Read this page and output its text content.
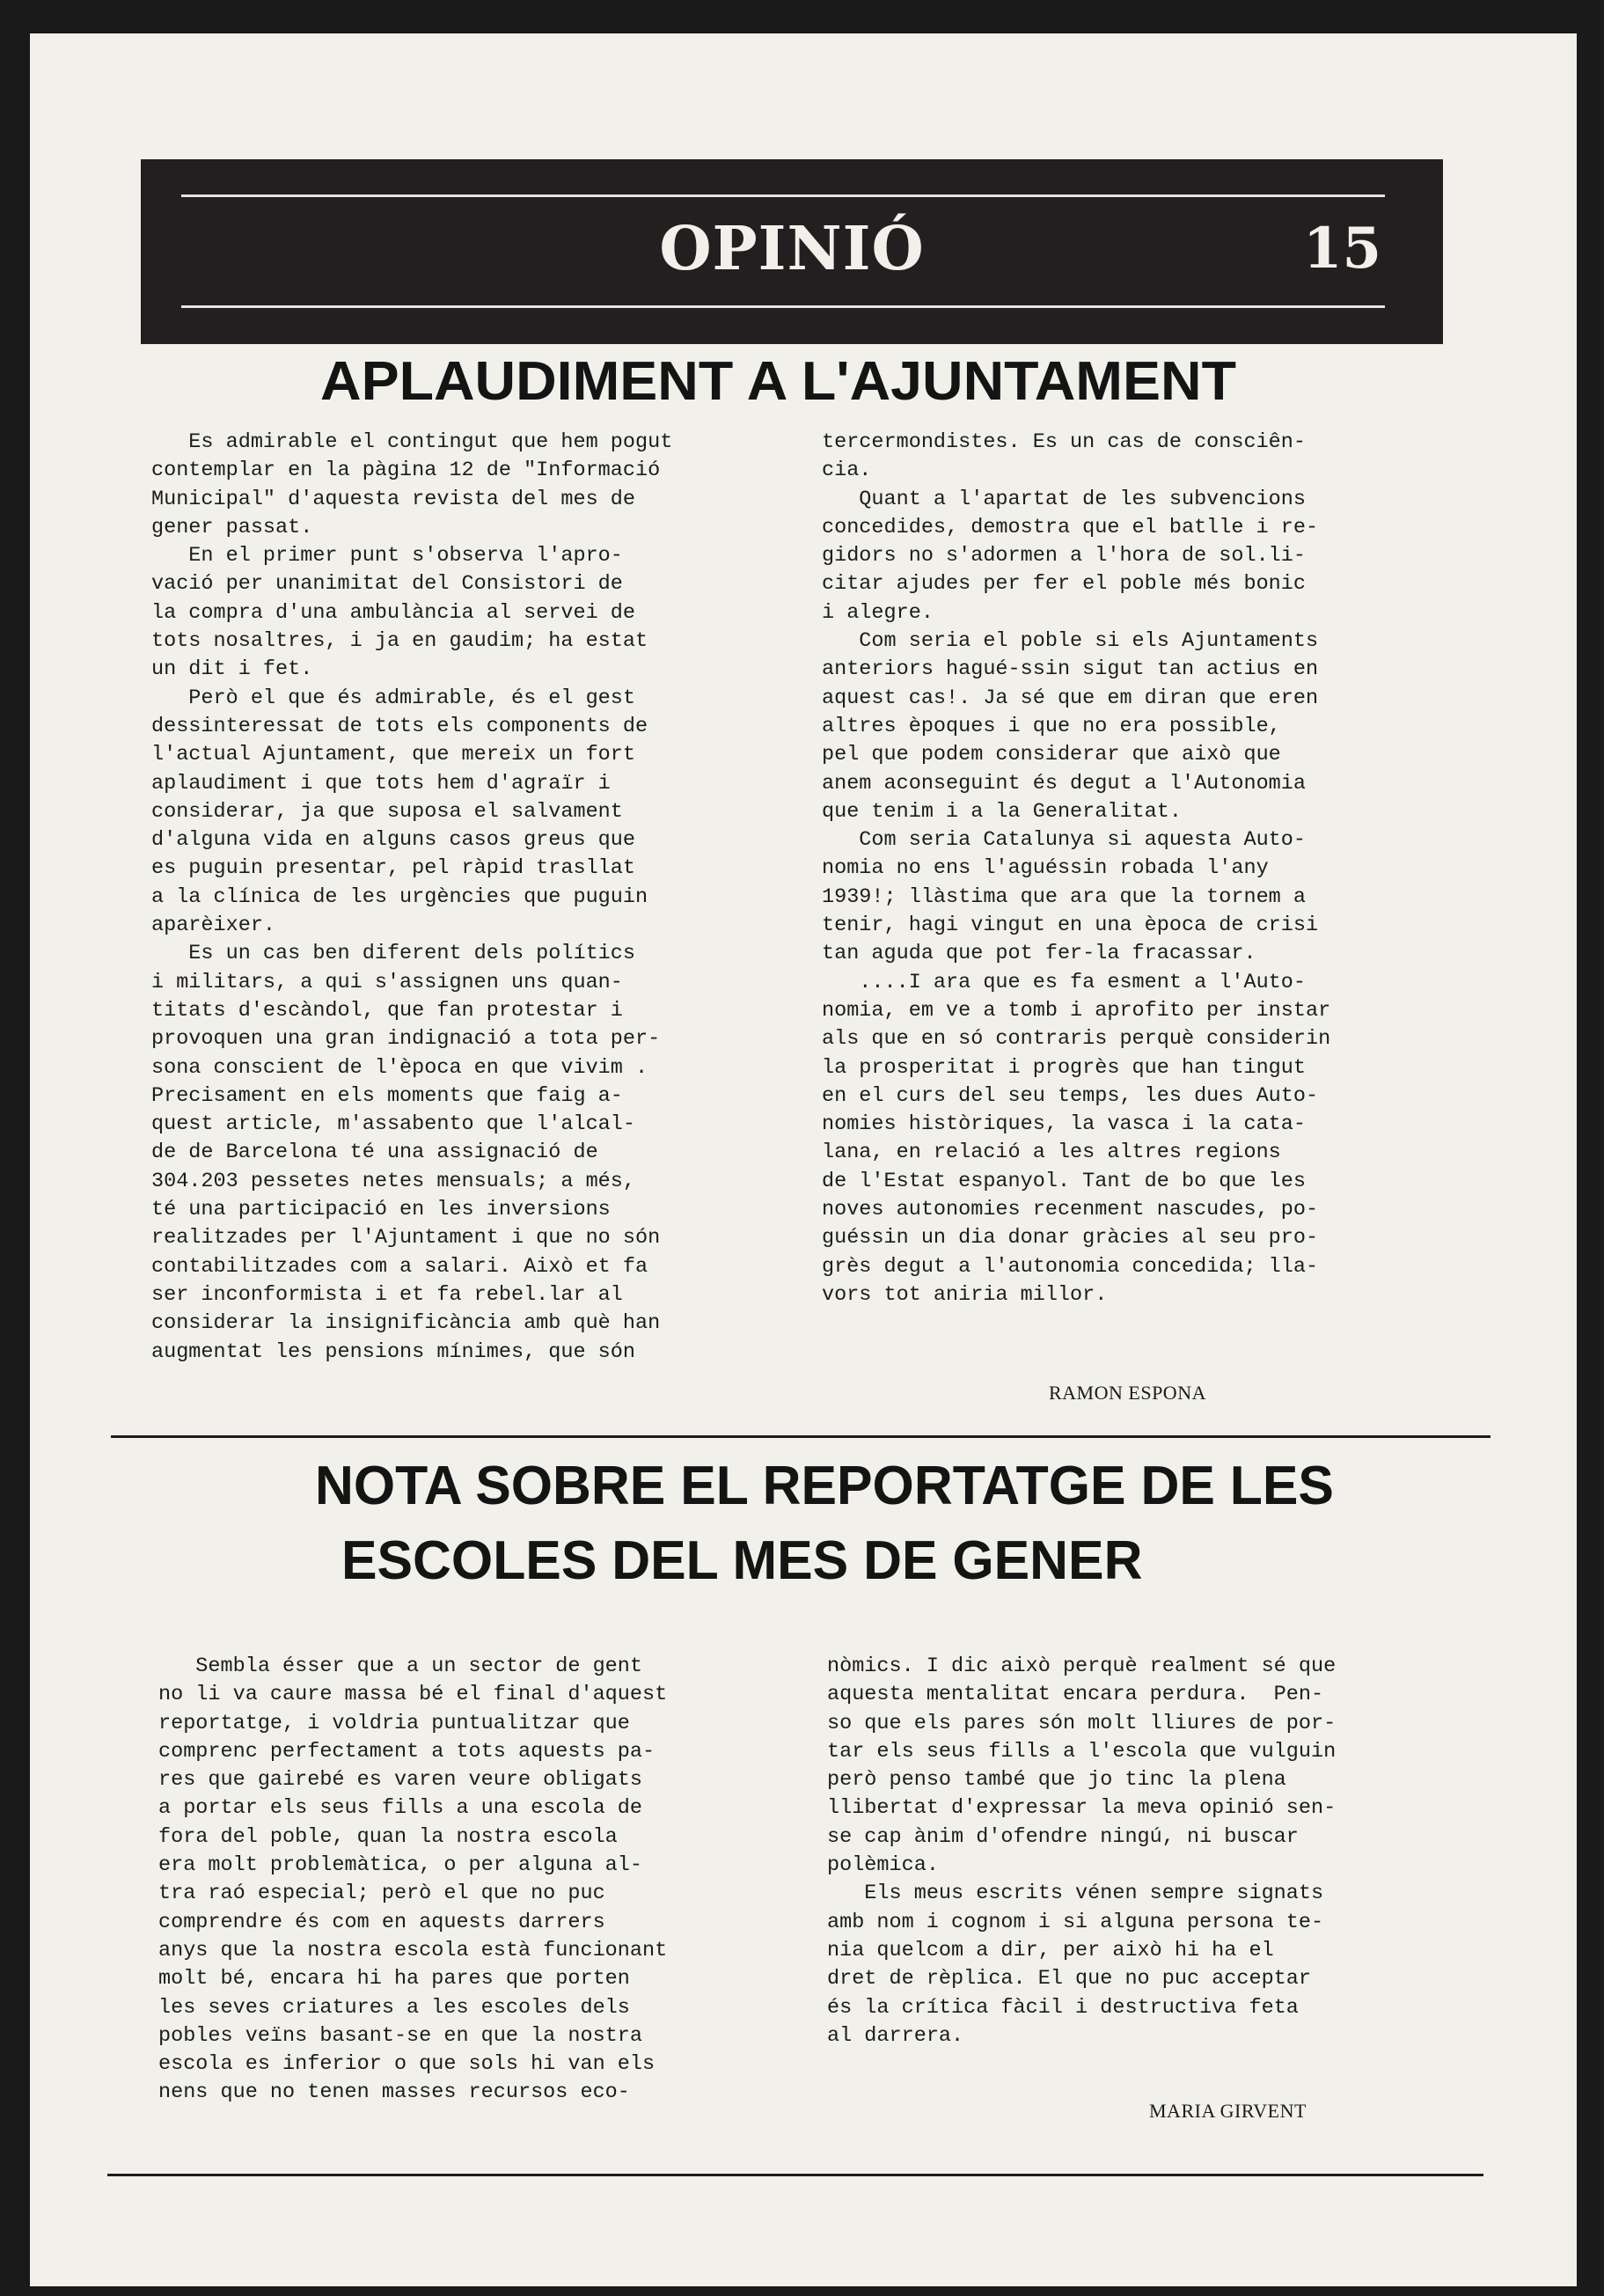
OPINIÓ	15
APLAUDIMENT A L'AJUNTAMENT
Es admirable el contingut que hem pogut
contemplar en la pàgina 12 de "Informació
Municipal" d'aquesta revista del mes de
gener passat.
En el primer punt s'observa l'apro-
vació per unanimitat del Consistori de
la compra d'una ambulància al servei de
tots nosaltres, i ja en gaudim; ha estat
un dit i fet.
Però el que és admirable, és el gest
dessinteressat de tots els components de
l'actual Ajuntament, que mereix un fort
aplaudiment i que tots hem d'agraïr i
considerar, ja que suposa el salvament
d'alguna vida en alguns casos greus que
es puguin presentar, pel ràpid trasllat
a la clínica de les urgències que puguin
aparèixer.
Es un cas ben diferent dels polítics
i militars, a qui s'assignen uns quan-
titats d'escàndol, que fan protestar i
provoquen una gran indignació a tota per-
sona conscient de l'època en que vivim .
Precisament en els moments que faig a-
quest article, m'assabento que l'alcal-
de de Barcelona té una assignació de
304.203 pessetes netes mensuals; a més,
té una participació en les inversions
realitzades per l'Ajuntament i que no són
contabilitzades com a salari. Això et fa
ser inconformista i et fa rebel.lar al
considerar la insignificància amb què han
augmentat les pensions mínimes, que són
tercermondistes. Es un cas de consciên-
cia.
Quant a l'apartat de les subvencions
concedides, demostra que el batlle i re-
gidors no s'adormen a l'hora de sol.li-
citar ajudes per fer el poble més bonic
i alegre.
Com seria el poble si els Ajuntaments
anteriors hagué-ssin sigut tan actius en
aquest cas!. Ja sé que em diran que eren
altres èpoques i que no era possible,
pel que podem considerar que això que
anem aconseguint és degut a l'Autonomia
que tenim i a la Generalitat.
Com seria Catalunya si aquesta Auto-
nomia no ens l'aguéssin robada l'any
1939!; llàstima que ara que la tornem a
tenir, hagi vingut en una època de crisi
tan aguda que pot fer-la fracassar.
....I ara que es fa esment a l'Auto-
nomia, em ve a tomb i aprofito per instar
als que en só contraris perquè considerin
la prosperitat i progrès que han tingut
en el curs del seu temps, les dues Auto-
nomies històriques, la vasca i la cata-
lana, en relació a les altres regions
de l'Estat espanyol. Tant de bo que les
noves autonomies recenment nascudes, po-
guéssin un dia donar gràcies al seu pro-
grès degut a l'autonomia concedida; lla-
vors tot aniria millor.
RAMON ESPONA
NOTA SOBRE EL REPORTATGE DE LES
ESCOLES DEL MES DE GENER
Sembla ésser que a un sector de gent
no li va caure massa bé el final d'aquest
reportatge, i voldria puntualitzar que
comprenc perfectament a tots aquests pa-
res que gairebé es varen veure obligats
a portar els seus fills a una escola de
fora del poble, quan la nostra escola
era molt problemàtica, o per alguna al-
tra raó especial; però el que no puc
comprendre és com en aquests darrers
anys que la nostra escola està funcionant
molt bé, encara hi ha pares que porten
les seves criatures a les escoles dels
pobles veïns basant-se en que la nostra
escola es inferior o que sols hi van els
nens que no tenen masses recursos eco-
nòmics. I dic això perquè realment sé que
aquesta mentalitat encara perdura.  Pen-
so que els pares són molt lliures de por-
tar els seus fills a l'escola que vulguin
però penso també que jo tinc la plena
llibertat d'expressar la meva opinió sen-
se cap ànim d'ofendre ningú, ni buscar
polèmica.
Els meus escrits vénen sempre signats
amb nom i cognom i si alguna persona te-
nia quelcom a dir, per això hi ha el
dret de rèplica. El que no puc acceptar
és la crítica fàcil i destructiva feta
al darrera.
MARIA GIRVENT
